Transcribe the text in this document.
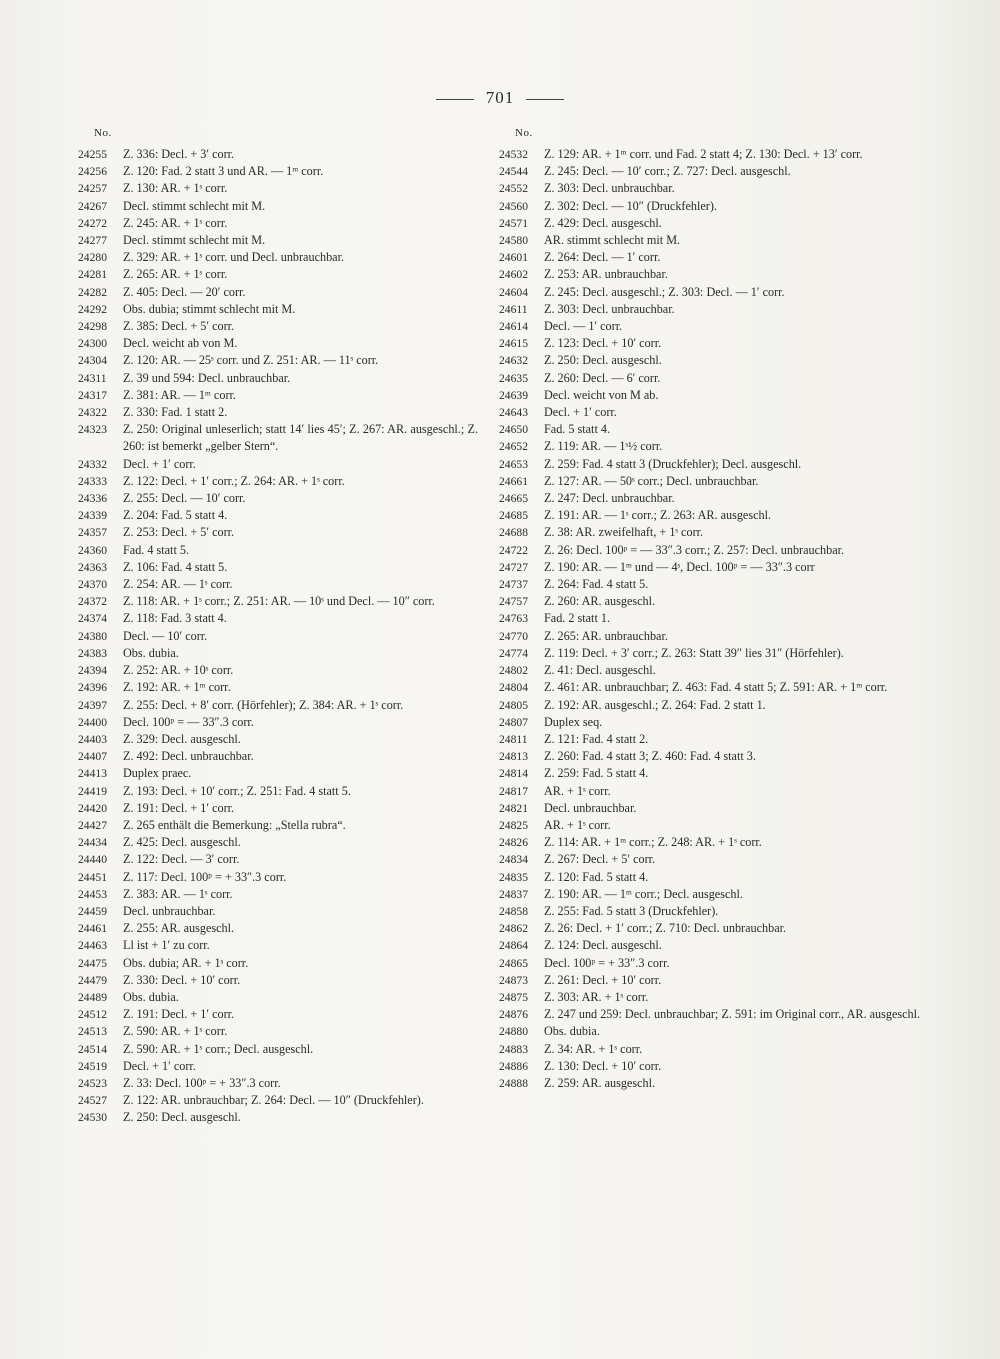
701
No.
24255	Z. 336: Decl. + 3′ corr.
24256	Z. 120: Fad. 2 statt 3 und AR. — 1ᵐ corr.
24257	Z. 130: AR. + 1ˢ corr.
24267	Decl. stimmt schlecht mit M.
24272	Z. 245: AR. + 1ˢ corr.
24277	Decl. stimmt schlecht mit M.
24280	Z. 329: AR. + 1ˢ corr. und Decl. unbrauchbar.
24281	Z. 265: AR. + 1ˢ corr.
24282	Z. 405: Decl. — 20′ corr.
24292	Obs. dubia; stimmt schlecht mit M.
24298	Z. 385: Decl. + 5′ corr.
24300	Decl. weicht ab von M.
24304	Z. 120: AR. — 25ˢ corr. und Z. 251: AR. — 11ˢ corr.
24311	Z. 39 und 594: Decl. unbrauchbar.
24317	Z. 381: AR. — 1ᵐ corr.
24322	Z. 330: Fad. 1 statt 2.
24323	Z. 250: Original unleserlich; statt 14′ lies 45′; Z. 267: AR. ausgeschl.; Z. 260: ist bemerkt „gelber Stern“.
24332	Decl. + 1′ corr.
24333	Z. 122: Decl. + 1′ corr.; Z. 264: AR. + 1ˢ corr.
24336	Z. 255: Decl. — 10′ corr.
24339	Z. 204: Fad. 5 statt 4.
24357	Z. 253: Decl. + 5′ corr.
24360	Fad. 4 statt 5.
24363	Z. 106: Fad. 4 statt 5.
24370	Z. 254: AR. — 1ˢ corr.
24372	Z. 118: AR. + 1ˢ corr.; Z. 251: AR. — 10ˢ und Decl. — 10″ corr.
24374	Z. 118: Fad. 3 statt 4.
24380	Decl. — 10′ corr.
24383	Obs. dubia.
24394	Z. 252: AR. + 10ˢ corr.
24396	Z. 192: AR. + 1ᵐ corr.
24397	Z. 255: Decl. + 8′ corr. (Hörfehler); Z. 384: AR. + 1ˢ corr.
24400	Decl. 100ᵖ = — 33″.3 corr.
24403	Z. 329: Decl. ausgeschl.
24407	Z. 492: Decl. unbrauchbar.
24413	Duplex praec.
24419	Z. 193: Decl. + 10′ corr.; Z. 251: Fad. 4 statt 5.
24420	Z. 191: Decl. + 1′ corr.
24427	Z. 265 enthält die Bemerkung: „Stella rubra“.
24434	Z. 425: Decl. ausgeschl.
24440	Z. 122: Decl. — 3′ corr.
24451	Z. 117: Decl. 100ᵖ = + 33″.3 corr.
24453	Z. 383: AR. — 1ˢ corr.
24459	Decl. unbrauchbar.
24461	Z. 255: AR. ausgeschl.
24463	Ll ist + 1′ zu corr.
24475	Obs. dubia; AR. + 1ˢ corr.
24479	Z. 330: Decl. + 10′ corr.
24489	Obs. dubia.
24512	Z. 191: Decl. + 1′ corr.
24513	Z. 590: AR. + 1ˢ corr.
24514	Z. 590: AR. + 1ˢ corr.; Decl. ausgeschl.
24519	Decl. + 1′ corr.
24523	Z. 33: Decl. 100ᵖ = + 33″.3 corr.
24527	Z. 122: AR. unbrauchbar; Z. 264: Decl. — 10″ (Druckfehler).
24530	Z. 250: Decl. ausgeschl.
No.
24532	Z. 129: AR. + 1ᵐ corr. und Fad. 2 statt 4; Z. 130: Decl. + 13′ corr.
24544	Z. 245: Decl. — 10′ corr.; Z. 727: Decl. ausgeschl.
24552	Z. 303: Decl. unbrauchbar.
24560	Z. 302: Decl. — 10″ (Druckfehler).
24571	Z. 429: Decl. ausgeschl.
24580	AR. stimmt schlecht mit M.
24601	Z. 264: Decl. — 1′ corr.
24602	Z. 253: AR. unbrauchbar.
24604	Z. 245: Decl. ausgeschl.; Z. 303: Decl. — 1′ corr.
24611	Z. 303: Decl. unbrauchbar.
24614	Decl. — 1′ corr.
24615	Z. 123: Decl. + 10′ corr.
24632	Z. 250: Decl. ausgeschl.
24635	Z. 260: Decl. — 6′ corr.
24639	Decl. weicht von M ab.
24643	Decl. + 1′ corr.
24650	Fad. 5 statt 4.
24652	Z. 119: AR. — 1ˢ½ corr.
24653	Z. 259: Fad. 4 statt 3 (Druckfehler); Decl. ausgeschl.
24661	Z. 127: AR. — 50ˢ corr.; Decl. unbrauchbar.
24665	Z. 247: Decl. unbrauchbar.
24685	Z. 191: AR. — 1ˢ corr.; Z. 263: AR. ausgeschl.
24688	Z. 38: AR. zweifelhaft, + 1ˢ corr.
24722	Z. 26: Decl. 100ᵖ = — 33″.3 corr.; Z. 257: Decl. unbrauchbar.
24727	Z. 190: AR. — 1ᵐ und — 4ˢ, Decl. 100ᵖ = — 33″.3 corr
24737	Z. 264: Fad. 4 statt 5.
24757	Z. 260: AR. ausgeschl.
24763	Fad. 2 statt 1.
24770	Z. 265: AR. unbrauchbar.
24774	Z. 119: Decl. + 3′ corr.; Z. 263: Statt 39″ lies 31″ (Hörfehler).
24802	Z. 41: Decl. ausgeschl.
24804	Z. 461: AR. unbrauchbar; Z. 463: Fad. 4 statt 5; Z. 591: AR. + 1ᵐ corr.
24805	Z. 192: AR. ausgeschl.; Z. 264: Fad. 2 statt 1.
24807	Duplex seq.
24811	Z. 121: Fad. 4 statt 2.
24813	Z. 260: Fad. 4 statt 3; Z. 460: Fad. 4 statt 3.
24814	Z. 259: Fad. 5 statt 4.
24817	AR. + 1ˢ corr.
24821	Decl. unbrauchbar.
24825	AR. + 1ˢ corr.
24826	Z. 114: AR. + 1ᵐ corr.; Z. 248: AR. + 1ˢ corr.
24834	Z. 267: Decl. + 5′ corr.
24835	Z. 120: Fad. 5 statt 4.
24837	Z. 190: AR. — 1ᵐ corr.; Decl. ausgeschl.
24858	Z. 255: Fad. 5 statt 3 (Druckfehler).
24862	Z. 26: Decl. + 1′ corr.; Z. 710: Decl. unbrauchbar.
24864	Z. 124: Decl. ausgeschl.
24865	Decl. 100ᵖ = + 33″.3 corr.
24873	Z. 261: Decl. + 10′ corr.
24875	Z. 303: AR. + 1ˢ corr.
24876	Z. 247 und 259: Decl. unbrauchbar; Z. 591: im Original corr., AR. ausgeschl.
24880	Obs. dubia.
24883	Z. 34: AR. + 1ˢ corr.
24886	Z. 130: Decl. + 10′ corr.
24888	Z. 259: AR. ausgeschl.
